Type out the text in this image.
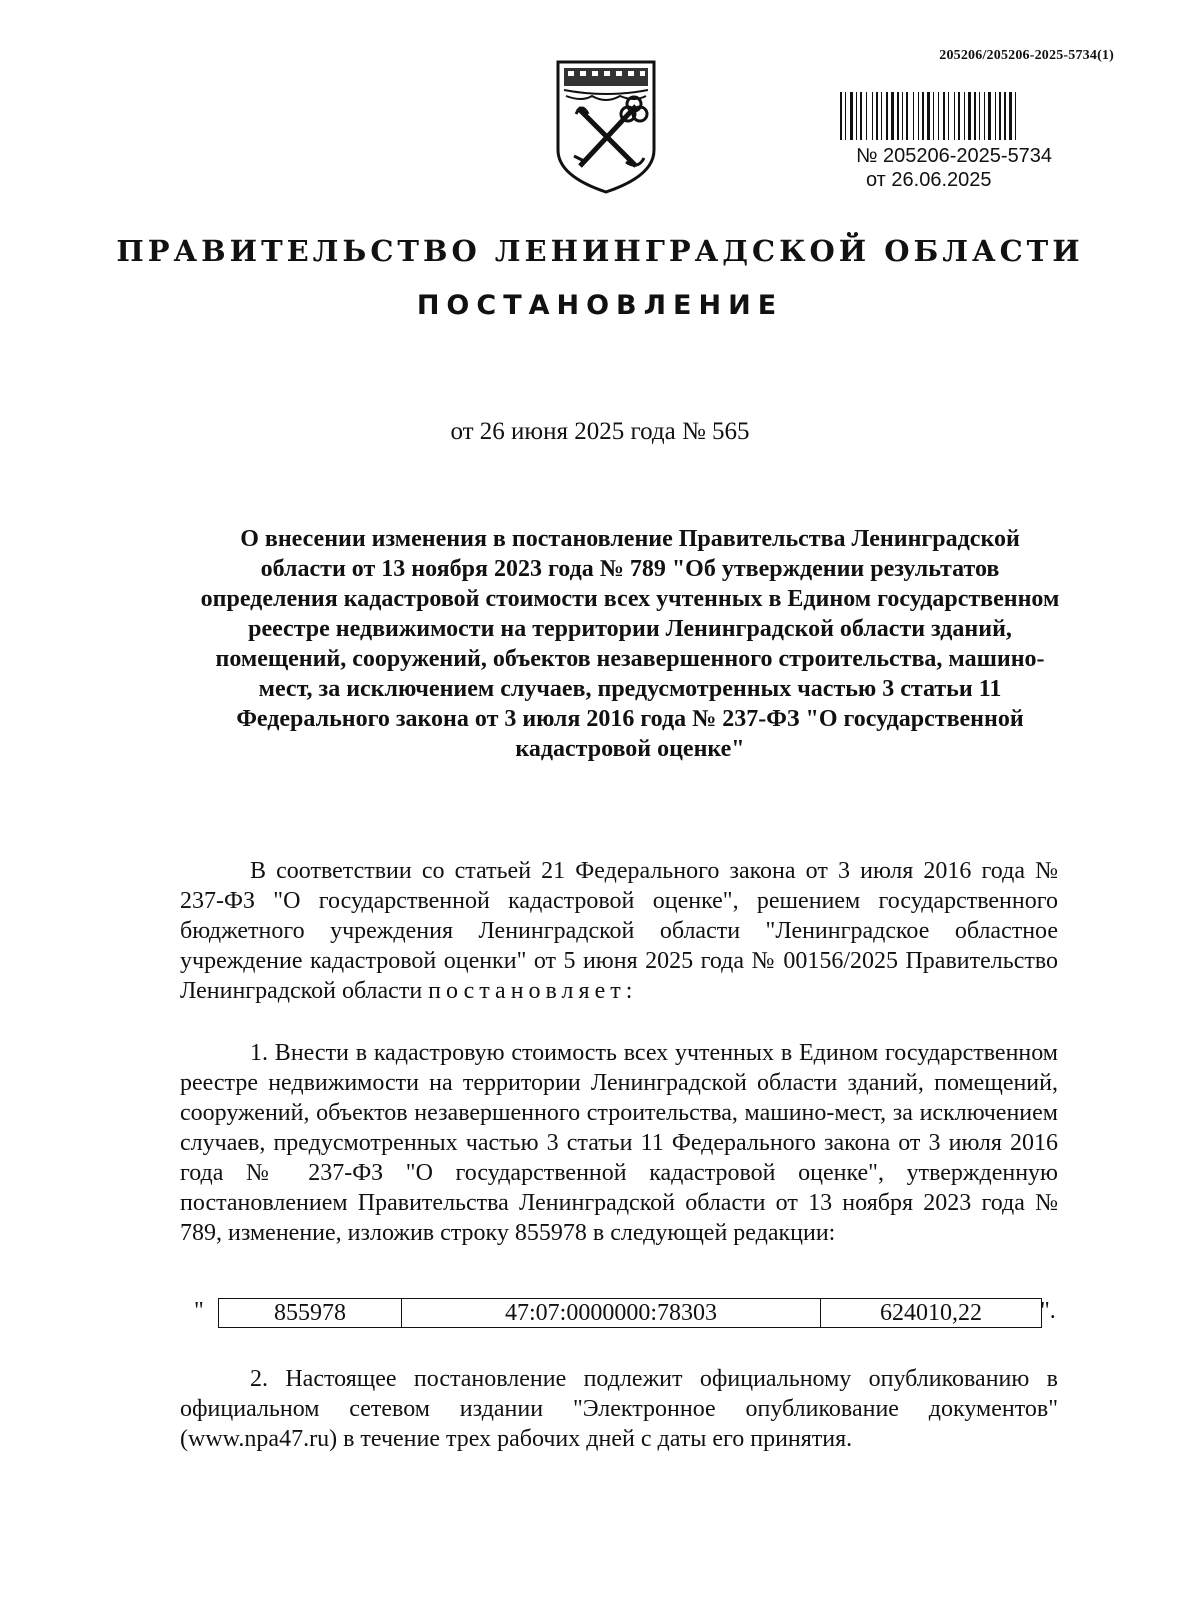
205206/205206-2025-5734(1)
№ 205206-2025-5734
от 26.06.2025
ПРАВИТЕЛЬСТВО ЛЕНИНГРАДСКОЙ ОБЛАСТИ
ПОСТАНОВЛЕНИЕ
от 26 июня 2025 года № 565
О внесении изменения в постановление Правительства Ленинградской области от 13 ноября 2023 года № 789 "Об утверждении результатов определения кадастровой стоимости всех учтенных в Едином государственном реестре недвижимости на территории Ленинградской области зданий, помещений, сооружений, объектов незавершенного строительства, машино-мест, за исключением случаев, предусмотренных частью 3 статьи 11 Федерального закона от 3 июля 2016 года № 237-ФЗ "О государственной кадастровой оценке"
В соответствии со статьей 21 Федерального закона от 3 июля 2016 года № 237-ФЗ "О государственной кадастровой оценке", решением государственного бюджетного учреждения Ленинградской области "Ленинградское областное учреждение кадастровой оценки" от 5 июня 2025 года № 00156/2025 Правительство Ленинградской области постановляет:
1. Внести в кадастровую стоимость всех учтенных в Едином государственном реестре недвижимости на территории Ленинградской области зданий, помещений, сооружений, объектов незавершенного строительства, машино-мест, за исключением случаев, предусмотренных частью 3 статьи 11 Федерального закона от 3 июля 2016 года № 237-ФЗ "О государственной кадастровой оценке", утвержденную постановлением Правительства Ленинградской области от 13 ноября 2023 года № 789, изменение, изложив строку 855978 в следующей редакции:
"	855978	47:07:0000000:78303	624010,22 ".
2. Настоящее постановление подлежит официальному опубликованию в официальном сетевом издании "Электронное опубликование документов" (www.npa47.ru) в течение трех рабочих дней с даты его принятия.
